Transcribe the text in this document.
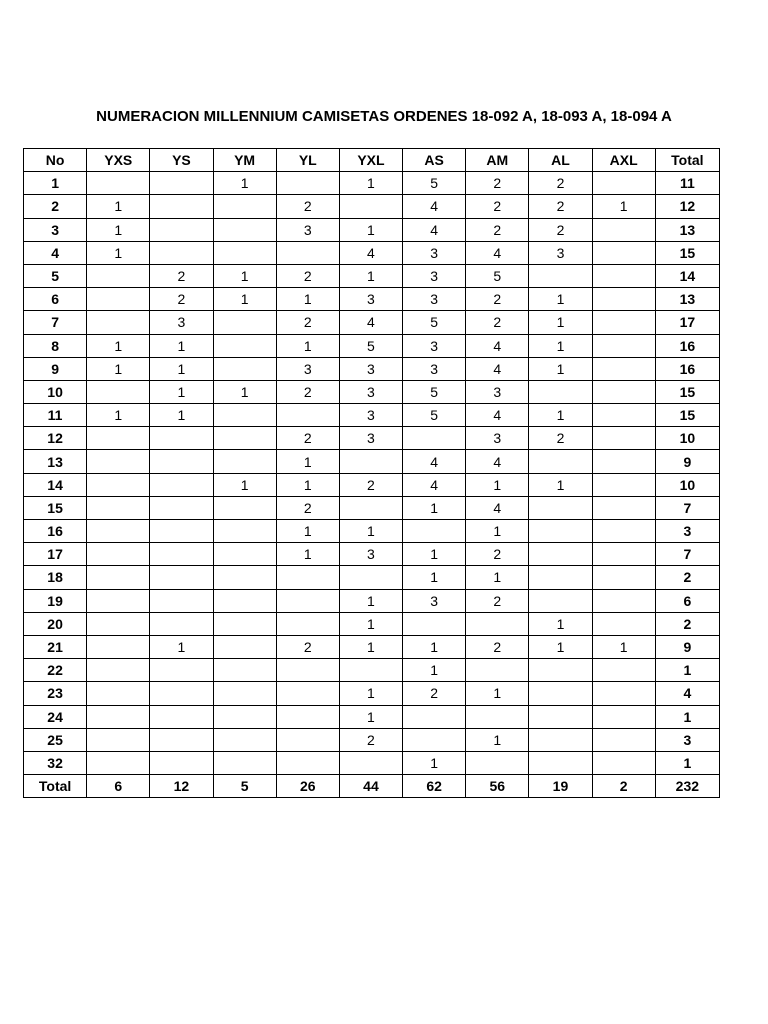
NUMERACION MILLENNIUM CAMISETAS ORDENES 18-092 A, 18-093 A, 18-094 A
No	YXS	YS	YM	YL	YXL	AS	AM	AL	AXL	Total
1			1		1	5	2	2		11
2	1			2		4	2	2	1	12
3	1			3	1	4	2	2		13
4	1				4	3	4	3		15
5		2	1	2	1	3	5			14
6		2	1	1	3	3	2	1		13
7		3		2	4	5	2	1		17
8	1	1		1	5	3	4	1		16
9	1	1		3	3	3	4	1		16
10		1	1	2	3	5	3			15
11	1	1			3	5	4	1		15
12				2	3		3	2		10
13				1		4	4			9
14			1	1	2	4	1	1		10
15				2		1	4			7
16				1	1		1			3
17				1	3	1	2			7
18						1	1			2
19					1	3	2			6
20					1			1		2
21		1		2	1	1	2	1	1	9
22						1				1
23					1	2	1			4
24					1					1
25					2		1			3
32						1				1
Total	6	12	5	26	44	62	56	19	2	232
